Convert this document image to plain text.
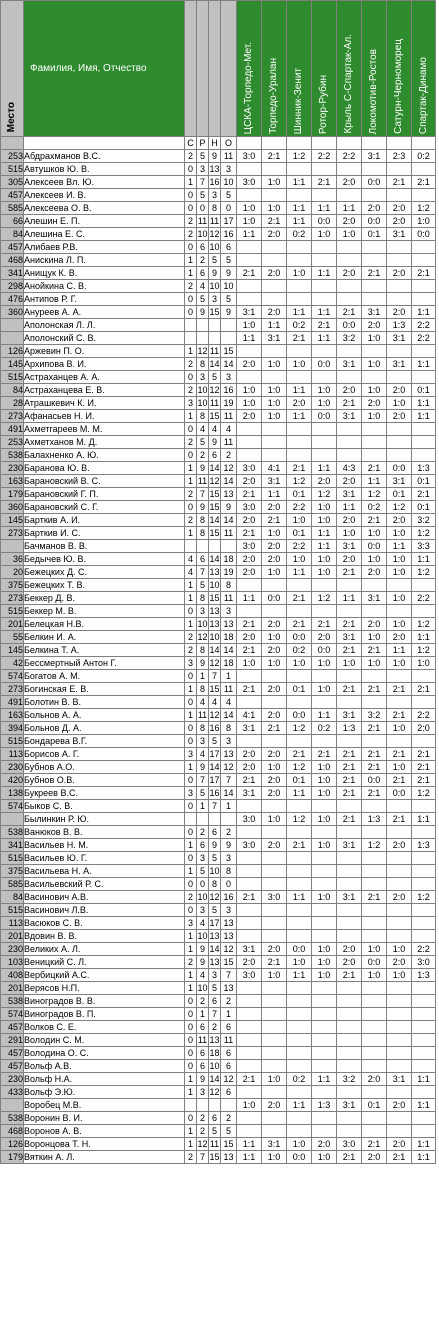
Место	Фамилия, Имя, Отчество					ЦСКА-Торпедо-Мет.	Торпедо-Уралан	Шинник-Зенит	Ротор-Рубин	Крыль С-Спартак-Ал.	Локомотив-Ростов	Сатурн-Черноморец	Спартак-Динамо

		С	Р	Н	О								
253	Абдрахманов В.С.	2	5	9	11	3:0	2:1	1:2	2:2	2:2	3:1	2:3	0:2
515	Автушков Ю. В.	0	3	13	3								
305	Алексеев Вл. Ю.	1	7	16	10	3:0	1:0	1:1	2:1	2:0	0:0	2:1	2:1
457	Алексеев И. В.	0	5	3	5								
585	Алексеева О. В.	0	0	8	0	1:0	1:0	1:1	1:1	1:1	2:0	2:0	1:2
66	Алешин Е. П.	2	11	11	17	1:0	2:1	1:1	0:0	2:0	0:0	2:0	1:0
84	Алешина Е. С.	2	10	12	16	1:1	2:0	0:2	1:0	1:0	0:1	3:1	0:0
457	Алибаев Р.В.	0	6	10	6								
468	Анискина Л. П.	1	2	5	5								
341	Анищук К. В.	1	6	9	9	2:1	2:0	1:0	1:1	2:0	2:1	2:0	2:1
298	Анойкина С. В.	2	4	10	10								
476	Антипов Р. Г.	0	5	3	5								
360	Ануреев А. А.	0	9	15	9	3:1	2:0	1:1	1:1	2:1	3:1	2:0	1:1
	Аполонская Л. Л.					1:0	1:1	0:2	2:1	0:0	2:0	1:3	2:2
	Аполонский С. В.					1:1	3:1	2:1	1:1	3:2	1:0	3:1	2:2
126	Аржевин П. О.	1	12	11	15								
145	Архипова В. И.	2	8	14	14	2:0	1:0	1:0	0:0	3:1	1:0	3:1	1:1
515	Астраханцев А. А.	0	3	5	3								
84	Астраханцева Е. В.	2	10	12	16	1:0	1:0	1:1	1:0	2:0	1:0	2:0	0:1
28	Атрашкевич К. И.	3	10	11	19	1:0	1:0	2:0	1:0	2:1	2:0	1:0	1:1
273	Афанасьев Н. И.	1	8	15	11	2:0	1:0	1:1	0:0	3:1	1:0	2:0	1:1
491	Ахметгареев М. М.	0	4	4	4								
253	Ахметханов М. Д.	2	5	9	11								
538	Балахненко А. Ю.	0	2	6	2								
230	Баранова Ю. В.	1	9	14	12	3:0	4:1	2:1	1:1	4:3	2:1	0:0	1:3
163	Барановский В. С.	1	11	12	14	2:0	3:1	1:2	2:0	2:0	1:1	3:1	0:1
179	Барановский Г. П.	2	7	15	13	2:1	1:1	0:1	1:2	3:1	1:2	0:1	2:1
360	Барановский С. Г.	0	9	15	9	3:0	2:0	2:2	1:0	1:1	0:2	1:2	0:1
145	Барткив А. И.	2	8	14	14	2:0	2:1	1:0	1:0	2:0	2:1	2:0	3:2
273	Барткив И. С.	1	8	15	11	2:1	1:0	0:1	1:1	1:0	1:0	1:0	1:2
	Бачманов В. В.					3:0	2:0	2:2	1:1	3:1	0:0	1:1	3:3
36	Бедычев Ю. В.	4	6	14	18	2:0	2:0	1:0	1:0	2:0	1:0	1:0	1:1
20	Бежецких Д. С.	4	7	13	19	2:0	1:0	1:1	1:0	2:1	2:0	1:0	1:2
375	Бежецких Т. В.	1	5	10	8								
273	Беккер Д. В.	1	8	15	11	1:1	0:0	2:1	1:2	1:1	3:1	1:0	2:2
515	Беккер М. В.	0	3	13	3								
201	Белецкая Н.В.	1	10	13	13	2:1	2:0	2:1	2:1	2:1	2:0	1:0	1:2
55	Белкин И. А.	2	12	10	18	2:0	1:0	0:0	2:0	3:1	1:0	2:0	1:1
145	Белкина Т. А.	2	8	14	14	2:1	2:0	0:2	0:0	2:1	2:1	1:1	1:2
42	Бессмертный Антон Г.	3	9	12	18	1:0	1:0	1:0	1:0	1:0	1:0	1:0	1:0
574	Богатов А. М.	0	1	7	1								
273	Богинская Е. В.	1	8	15	11	2:1	2:0	0:1	1:0	2:1	2:1	2:1	2:1
491	Болотин В. В.	0	4	4	4								
163	Больнов А. А.	1	11	12	14	4:1	2:0	0:0	1:1	3:1	3:2	2:1	2:2
394	Больнов Д. А.	0	8	16	8	3:1	2:1	1:2	0:2	1:3	2:1	1:0	2:0
515	Бондарева В.Г.	0	3	5	3								
113	Борисов А. Г.	3	4	17	13	2:0	2:0	2:1	2:1	2:1	2:1	2:1	2:1
230	Бубнов А.О.	1	9	14	12	2:0	1:0	1:2	1:0	2:1	2:1	1:0	2:1
420	Бубнов О.В.	0	7	17	7	2:1	2:0	0:1	1:0	2:1	0:0	2:1	2:1
138	Букреев В.С.	3	5	16	14	3:1	2:0	1:1	1:0	2:1	2:1	0:0	1:2
574	Быков С. В.	0	1	7	1								
	Былинкин Р. Ю.					3:0	1:0	1:2	1:0	2:1	1:3	2:1	1:1
538	Ванюков В. В.	0	2	6	2								
341	Васильев Н. М.	1	6	9	9	3:0	2:0	2:1	1:0	3:1	1:2	2:0	1:3
515	Васильев Ю. Г.	0	3	5	3								
375	Васильева Н. А.	1	5	10	8								
585	Васильевский Р. С.	0	0	8	0								
84	Васинович А.В.	2	10	12	16	2:1	3:0	1:1	1:0	3:1	2:1	2:0	1:2
515	Васинович Л.В.	0	3	5	3								
113	Васюков С. В.	3	4	17	13								
201	Вдовин В. В.	1	10	13	13								
230	Великих А. Л.	1	9	14	12	3:1	2:0	0:0	1:0	2:0	1:0	1:0	2:2
103	Веницкий С. Л.	2	9	13	15	2:0	2:1	1:0	1:0	2:0	0:0	2:0	3:0
408	Вербицкий А.С.	1	4	3	7	3:0	1:0	1:1	1:0	2:1	1:0	1:0	1:3
201	Верясов Н.П.	1	10	5	13								
538	Виноградов В. В.	0	2	6	2								
574	Виноградов В. П.	0	1	7	1								
457	Волков С. Е.	0	6	2	6								
291	Володин С. М.	0	11	13	11								
457	Володина О. С.	0	6	18	6								
457	Вольф А.В.	0	6	10	6								
230	Вольф Н.А.	1	9	14	12	2:1	1:0	0:2	1:1	3:2	2:0	3:1	1:1
433	Вольф Э.Ю.	1	3	12	6								
	Воробец М.В.					1:0	2:0	1:1	1:3	3:1	0:1	2:0	1:1
538	Воронин В. И.	0	2	6	2								
468	Воронов А. В.	1	2	5	5								
126	Воронцова Т. Н.	1	12	11	15	1:1	3:1	1:0	2:0	3:0	2:1	2:0	1:1
179	Вяткин А. Л.	2	7	15	13	1:1	1:0	0:0	1:0	2:1	2:0	2:1	1:1
